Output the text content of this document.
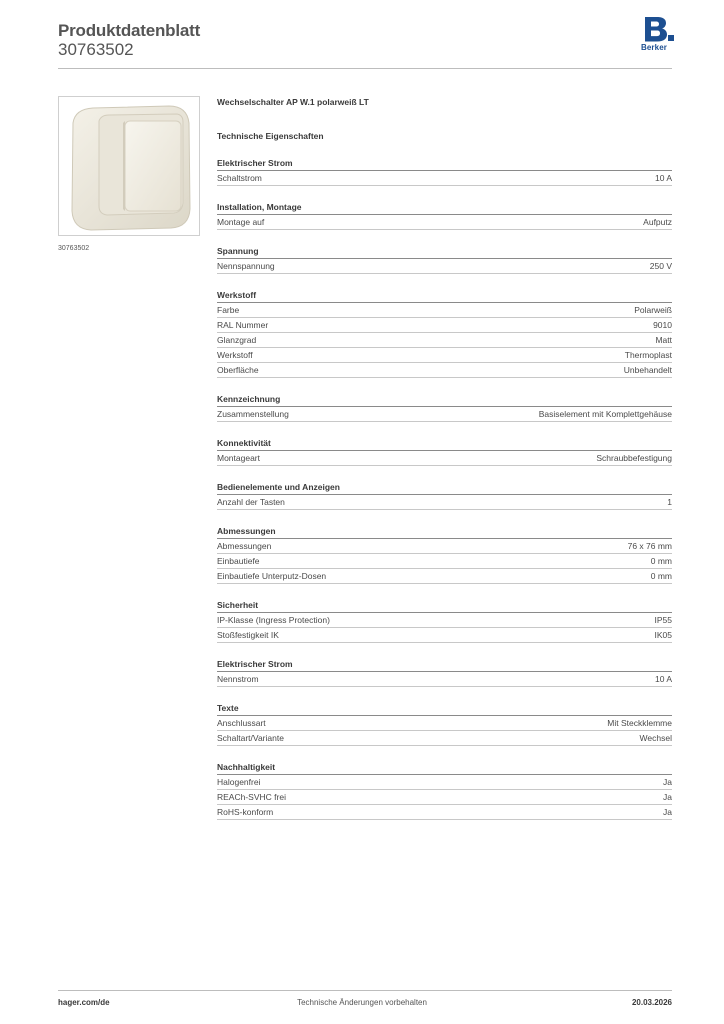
Produktdatenblatt
30763502	Berker
30763502
Wechselschalter AP W.1 polarweiß LT
Technische Eigenschaften
Elektrischer Strom
Schaltstrom	10 A
Installation, Montage
Montage auf	Aufputz
Spannung
Nennspannung	250 V
Werkstoff
Farbe	Polarweiß
RAL Nummer	9010
Glanzgrad	Matt
Werkstoff	Thermoplast
Oberfläche	Unbehandelt
Kennzeichnung
Zusammenstellung	Basiselement mit Komplettgehäuse
Konnektivität
Montageart	Schraubbefestigung
Bedienelemente und Anzeigen
Anzahl der Tasten	1
Abmessungen
Abmessungen	76 x 76 mm
Einbautiefe	0 mm
Einbautiefe Unterputz-Dosen	0 mm
Sicherheit
IP-Klasse (Ingress Protection)	IP55
Stoßfestigkeit IK	IK05
Elektrischer Strom
Nennstrom	10 A
Texte
Anschlussart	Mit Steckklemme
Schaltart/Variante	Wechsel
Nachhaltigkeit
Halogenfrei	Ja
REACh-SVHC frei	Ja
RoHS-konform	Ja
hager.com/de	Technische Änderungen vorbehalten	20.03.2026
